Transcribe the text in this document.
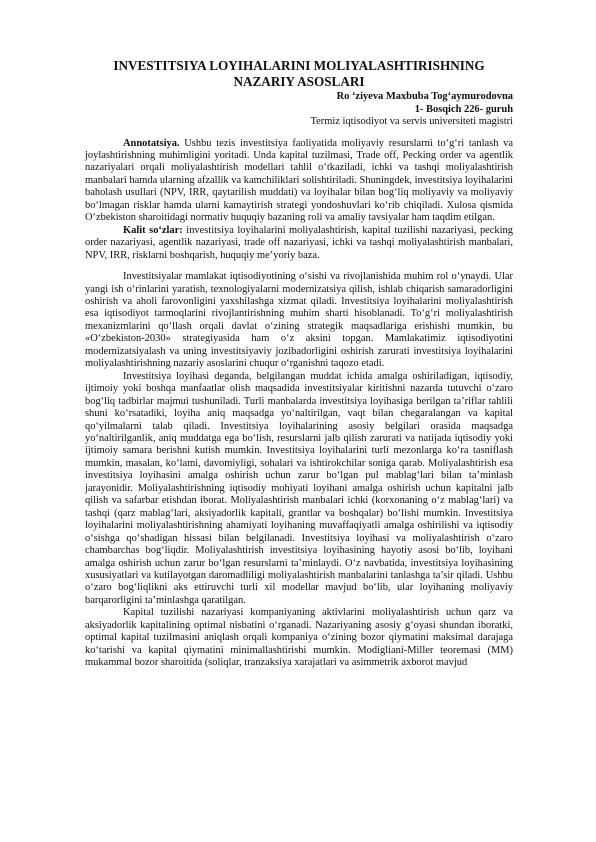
INVESTITSIYA LOYIHALARINI MOLIYALASHTIRISHNING NAZARIY ASOSLARI
Ro ‘ziyeva Maxbuba Tog‘aymurodovna
1- Bosqich 226- guruh
Termiz iqtisodiyot va servis universiteti magistri

Annotatsiya. Ushbu tezis investitsiya faoliyatida moliyaviy resurslarni to‘g‘ri tanlash va joylashtirishning muhimligini yoritadi. Unda kapital tuzilmasi, Trade off, Pecking order va agentlik nazariyalari orqali moliyalashtirish modellari tahlil o‘tkaziladi, ichki va tashqi moliyalashtirish manbalari hamda ularning afzallik va kamchiliklari solishtiriladi. Shuningdek, investitsiya loyihalarini baholash usullari (NPV, IRR, qaytarilish muddati) va loyihalar bilan bog‘liq moliyaviy va moliyaviy bo‘lmagan risklar hamda ularni kamaytirish strategi yondoshuvlari ko‘rib chiqiladi. Xulosa qismida O‘zbekiston sharoitidagi normativ huquqiy bazaning roli va amaliy tavsiyalar ham taqdim etilgan.

Kalit so‘zlar: investitsiya loyihalarini moliyalashtirish, kapital tuzilishi nazariyasi, pecking order nazariyasi, agentlik nazariyasi, trade off nazariyasi, ichki va tashqi moliyalashtirish manbalari, NPV, IRR, risklarni boshqarish, huquqiy me’yoriy baza.

Investitsiyalar mamlakat iqtisodiyotining o‘sishi va rivojlanishida muhim rol o‘ynaydi. Ular yangi ish o‘rinlarini yaratish, texnologiyalarni modernizatsiya qilish, ishlab chiqarish samaradorligini oshirish va aholi farovonligini yaxshilashga xizmat qiladi. Investitsiya loyihalarini moliyalashtirish esa iqtisodiyot tarmoqlarini rivojlantirishning muhim sharti hisoblanadi. To‘g‘ri moliyalashtirish mexanizmlarini qo‘llash orqali davlat o‘zining strategik maqsadlariga erishishi mumkin, bu «O‘zbekiston-2030» strategiyasida ham o‘z aksini topgan. Mamlakatimiz iqtisodiyotini modernizatsiyalash va uning investitsiyaviy jozibadorligini oshirish zarurati investitsiya loyihalarini moliyalashtirishning nazariy asoslarini chuqur o‘rganishni taqozo etadi.

Investitsiya loyihasi deganda, belgilangan muddat ichida amalga oshiriladigan, iqtisodiy, ijtimoiy yoki boshqa manfaatlar olish maqsadida investitsiyalar kiritishni nazarda tutuvchi o‘zaro bog‘liq tadbirlar majmui tushuniladi. Turli manbalarda investitsiya loyihasiga berilgan ta’riflar tahlili shuni ko‘rsatadiki, loyiha aniq maqsadga yo‘naltirilgan, vaqt bilan chegaralangan va kapital qo‘yilmalarni talab qiladi. Investitsiya loyihalarining asosiy belgilari orasida maqsadga yo‘naltirilganlik, aniq muddatga ega bo‘lish, resurslarni jalb qilish zarurati va natijada iqtisodiy yoki ijtimoiy samara berishni kutish mumkin. Investitsiya loyihalarini turli mezonlarga ko‘ra tasniflash mumkin, masalan, ko‘lami, davomiyligi, sohalari va ishtirokchilar soniga qarab. Moliyalashtirish esa investitsiya loyihasini amalga oshirish uchun zarur bo‘lgan pul mablag‘lari bilan ta’minlash jarayonidir. Moliyalashtirishning iqtisodiy mohiyati loyihani amalga oshirish uchun kapitalni jalb qilish va safarbar etishdan iborat. Moliyalashtirish manbalari ichki (korxonaning o‘z mablag‘lari) va tashqi (qarz mablag‘lari, aksiyadorlik kapitali, grantlar va boshqalar) bo‘lishi mumkin. Investitsiya loyihalarini moliyalashtirishning ahamiyati loyihaning muvaffaqiyatli amalga oshirilishi va iqtisodiy o‘sishga qo‘shadigan hissasi bilan belgilanadi. Investitsiya loyihasi va moliyalashtirish o‘zaro chambarchas bog‘liqdir. Moliyalashtirish investitsiya loyihasining hayotiy asosi bo‘lib, loyihani amalga oshirish uchun zarur bo‘lgan resurslarni ta’minlaydi. O‘z navbatida, investitsiya loyihasining xususiyatlari va kutilayotgan daromadliligi moliyalashtirish manbalarini tanlashga ta’sir qiladi. Ushbu o‘zaro bog‘liqlikni aks ettiruvchi turli xil modellar mavjud bo‘lib, ular loyihaning moliyaviy barqarorligini ta’minlashga qaratilgan.

Kapital tuzilishi nazariyasi kompaniyaning aktivlarini moliyalashtirish uchun qarz va aksiyadorlik kapitalining optimal nisbatini o‘rganadi. Nazariyaning asosiy g‘oyasi shundan iboratki, optimal kapital tuzilmasini aniqlash orqali kompaniya o‘zining bozor qiymatini maksimal darajaga ko‘tarishi va kapital qiymatini minimallashtirishi mumkin. Modigliani-Miller teoremasi (MM) mukammal bozor sharoitida (soliqlar, tranzaksiya xarajatlari va asimmetrik axborot mavjud
